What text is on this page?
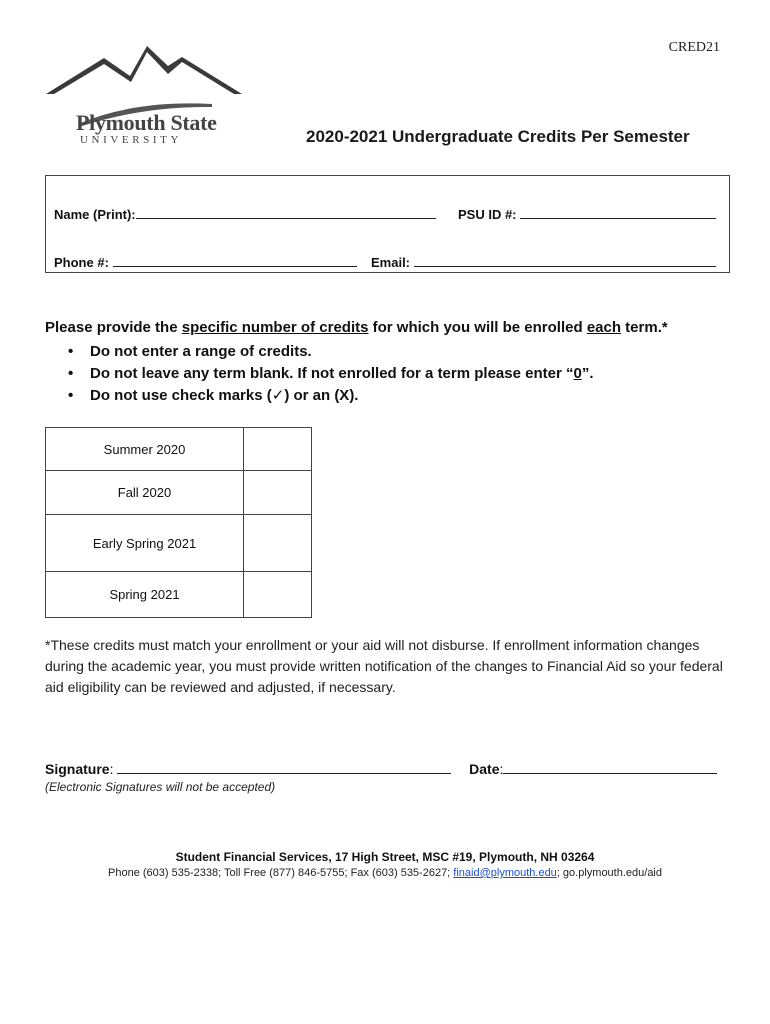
CRED21
Plymouth State
UNIVERSITY	2020-2021 Undergraduate Credits Per Semester
Name (Print):	PSU ID #:
Phone #:	Email:
Please provide the specific number of credits for which you will be enrolled each term.*
• Do not enter a range of credits.
• Do not leave any term blank. If not enrolled for a term please enter “0”.
• Do not use check marks (✓) or an (X).
Summer 2020	
Fall 2020	
Early Spring 2021	
Spring 2021	
*These credits must match your enrollment or your aid will not disburse. If enrollment information changes during the academic year, you must provide written notification of the changes to Financial Aid so your federal aid eligibility can be reviewed and adjusted, if necessary.
Signature:	Date:
(Electronic Signatures will not be accepted)
Student Financial Services, 17 High Street, MSC #19, Plymouth, NH 03264
Phone (603) 535-2338; Toll Free (877) 846-5755; Fax (603) 535-2627; finaid@plymouth.edu; go.plymouth.edu/aid
